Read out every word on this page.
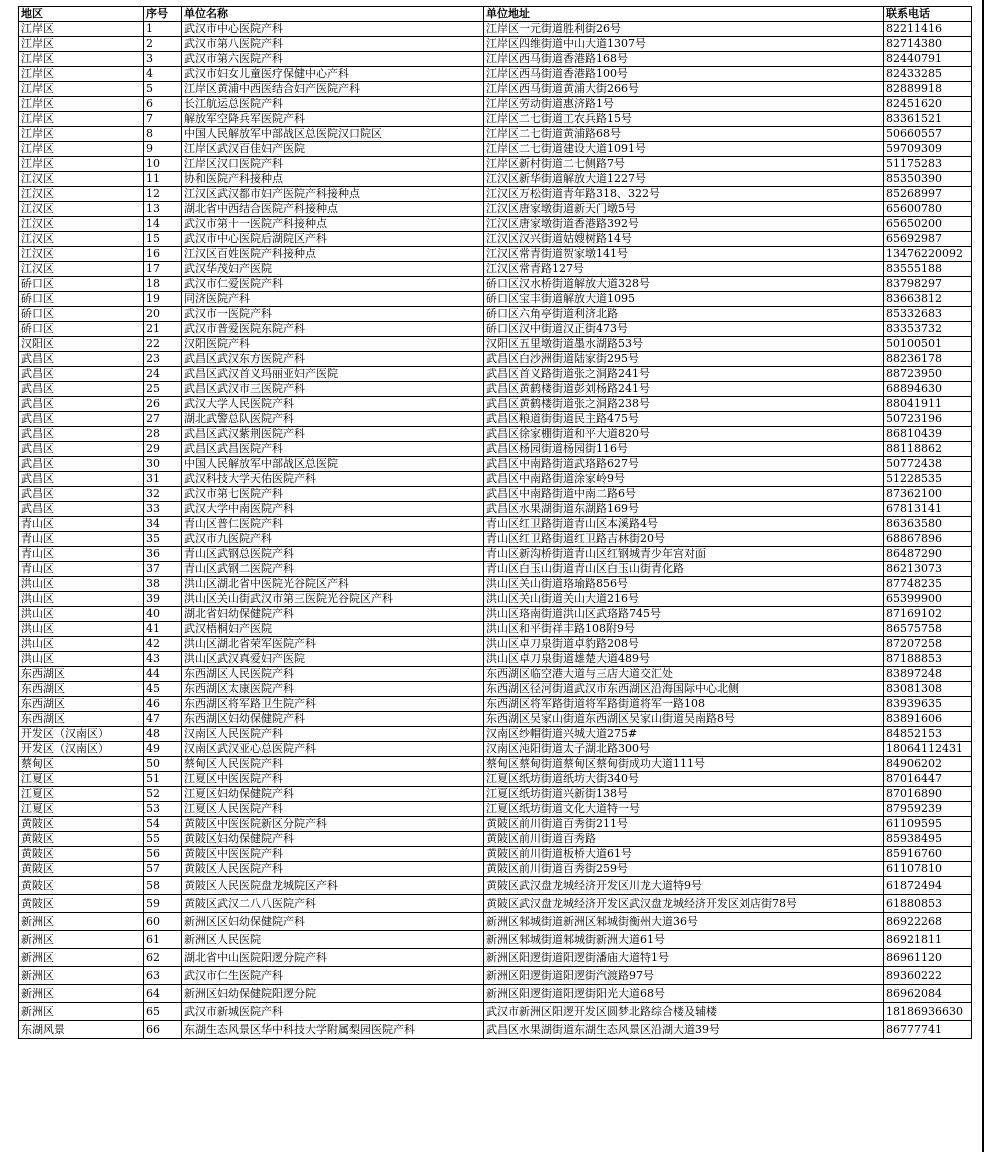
地区	序号	单位名称	单位地址	联系电话
江岸区	1	武汉市中心医院产科	江岸区一元街道胜利街26号	82211416
江岸区	2	武汉市第八医院产科	江岸区四维街道中山大道1307号	82714380
江岸区	3	武汉市第六医院产科	江岸区西马街道香港路168号	82440791
江岸区	4	武汉市妇女儿童医疗保健中心产科	江岸区西马街道香港路100号	82433285
江岸区	5	江岸区黄浦中西医结合妇产医院产科	江岸区西马街道黄浦大街266号	82889918
江岸区	6	长江航运总医院产科	江岸区劳动街道惠济路1号	82451620
江岸区	7	解放军空降兵军医院产科	江岸区二七街道工农兵路15号	83361521
江岸区	8	中国人民解放军中部战区总医院汉口院区	江岸区二七街道黄浦路68号	50660557
江岸区	9	江岸区武汉百佳妇产医院	江岸区二七街道建设大道1091号	59709309
江岸区	10	江岸区汉口医院产科	江岸区新村街道二七侧路7号	51175283
江汉区	11	协和医院产科接种点	江汉区新华街道解放大道1227号	85350390
江汉区	12	江汉区武汉都市妇产医院产科接种点	江汉区万松街道青年路318、322号	85268997
江汉区	13	湖北省中西结合医院产科接种点	江汉区唐家墩街道新天门墩5号	65600780
江汉区	14	武汉市第十一医院产科接种点	江汉区唐家墩街道香港路392号	65650200
江汉区	15	武汉市中心医院后湖院区产科	江汉区汉兴街道姑嫂树路14号	65692987
江汉区	16	江汉区百姓医院产科接种点	江汉区常青街道贺家墩141号	13476220092
江汉区	17	武汉华茂妇产医院	江汉区常青路127号	83555188
硚口区	18	武汉市仁爱医院产科	硚口区汉水桥街道解放大道328号	83798297
硚口区	19	同济医院产科	硚口区宝丰街道解放大道1095	83663812
硚口区	20	武汉市一医院产科	硚口区六角亭街道利济北路	85332683
硚口区	21	武汉市普爱医院东院产科	硚口区汉中街道汉正街473号	83353732
汉阳区	22	汉阳医院产科	汉阳区五里墩街道墨水湖路53号	50100501
武昌区	23	武昌区武汉东方医院产科	武昌区白沙洲街道陆家街295号	88236178
武昌区	24	武昌区武汉首义玛丽亚妇产医院	武昌区首义路街道张之洞路241号	88723950
武昌区	25	武昌区武汉市三医院产科	武昌区黄鹤楼街道彭刘杨路241号	68894630
武昌区	26	武汉大学人民医院产科	武昌区黄鹤楼街道张之洞路238号	88041911
武昌区	27	湖北武警总队医院产科	武昌区粮道街街道民主路475号	50723196
武昌区	28	武昌区武汉紫荆医院产科	武昌区徐家棚街道和平大道820号	86810439
武昌区	29	武昌区武昌医院产科	武昌区杨园街道杨园街116号	88118862
武昌区	30	中国人民解放军中部战区总医院	武昌区中南路街道武珞路627号	50772438
武昌区	31	武汉科技大学天佑医院产科	武昌区中南路街道涂家岭9号	51228535
武昌区	32	武汉市第七医院产科	武昌区中南路街道中南二路6号	87362100
武昌区	33	武汉大学中南医院产科	武昌区水果湖街道东湖路169号	67813141
青山区	34	青山区普仁医院产科	青山区红卫路街道青山区本溪路4号	86363580
青山区	35	武汉市九医院产科	青山区红卫路街道红卫路吉林街20号	68867896
青山区	36	青山区武钢总医院产科	青山区新沟桥街道青山区红钢城青少年宫对面	86487290
青山区	37	青山区武钢二医院产科	青山区白玉山街道青山区白玉山街青化路	86213073
洪山区	38	洪山区湖北省中医院光谷院区产科	洪山区关山街道珞瑜路856号	87748235
洪山区	39	洪山区关山街武汉市第三医院光谷院区产科	洪山区关山街道关山大道216号	65399900
洪山区	40	湖北省妇幼保健院产科	洪山区珞南街道洪山区武珞路745号	87169102
洪山区	41	武汉梧桐妇产医院	洪山区和平街祥丰路108附9号	86575758
洪山区	42	洪山区湖北省荣军医院产科	洪山区卓刀泉街道卓豹路208号	87207258
洪山区	43	洪山区武汉真爱妇产医院	洪山区卓刀泉街道雄楚大道489号	87188853
东西湖区	44	东西湖区人民医院产科	东西湖区临空港大道与三店大道交汇处	83897248
东西湖区	45	东西湖区太康医院产科	东西湖区径河街道武汉市东西湖区沿海国际中心北侧	83081308
东西湖区	46	东西湖区将军路卫生院产科	东西湖区将军路街道将军路街道将军一路108	83939635
东西湖区	47	东西湖区妇幼保健院产科	东西湖区吴家山街道东西湖区吴家山街道吴南路8号	83891606
开发区（汉南区）	48	汉南区人民医院产科	汉南区纱帽街道兴城大道275#	84852153
开发区（汉南区）	49	汉南区武汉亚心总医院产科	汉南区沌阳街道太子湖北路300号	18064112431
蔡甸区	50	蔡甸区人民医院产科	蔡甸区蔡甸街道蔡甸区蔡甸街成功大道111号	84906202
江夏区	51	江夏区中医医院产科	江夏区纸坊街道纸坊大街340号	87016447
江夏区	52	江夏区妇幼保健院产科	江夏区纸坊街道兴新街138号	87016890
江夏区	53	江夏区人民医院产科	江夏区纸坊街道文化大道特一号	87959239
黄陂区	54	黄陂区中医医院新区分院产科	黄陂区前川街道百秀街211号	61109595
黄陂区	55	黄陂区妇幼保健院产科	黄陂区前川街道百秀路	85938495
黄陂区	56	黄陂区中医医院产科	黄陂区前川街道板桥大道61号	85916760
黄陂区	57	黄陂区人民医院产科	黄陂区前川街道百秀街259号	61107810
黄陂区	58	黄陂区人民医院盘龙城院区产科	黄陂区武汉盘龙城经济开发区川龙大道特9号	61872494
黄陂区	59	黄陂区武汉二八八医院产科	黄陂区武汉盘龙城经济开发区武汉盘龙城经济开发区刘店街78号	61880853
新洲区	60	新洲区区妇幼保健院产科	新洲区邾城街道新洲区邾城街衡州大道36号	86922268
新洲区	61	新洲区人民医院	新洲区邾城街道邾城街新洲大道61号	86921811
新洲区	62	湖北省中山医院阳逻分院产科	新洲区阳逻街道阳逻街潘庙大道特1号	86961120
新洲区	63	武汉市仁生医院产科	新洲区阳逻街道阳逻街汽渡路97号	89360222
新洲区	64	新洲区妇幼保健院阳逻分院	新洲区阳逻街道阳逻街阳光大道68号	86962084
新洲区	65	武汉市新城医院产科	武汉市新洲区阳逻开发区圆梦北路综合楼及辅楼	18186936630
东湖风景	66	东湖生态风景区华中科技大学附属梨园医院产科	武昌区水果湖街道东湖生态风景区沿湖大道39号	86777741
